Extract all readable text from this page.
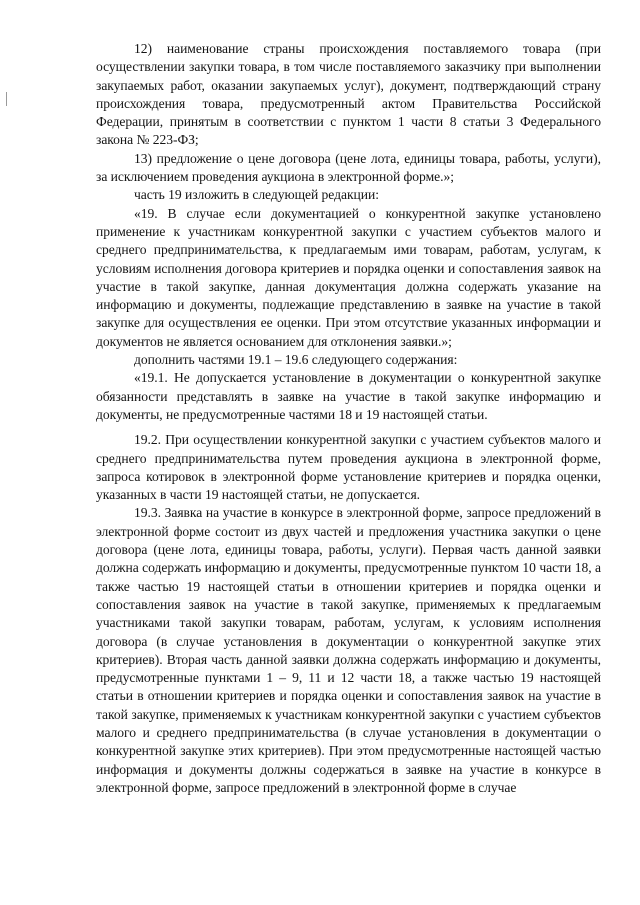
12) наименование страны происхождения поставляемого товара (при осуществлении закупки товара, в том числе поставляемого заказчику при выполнении закупаемых работ, оказании закупаемых услуг), документ, подтверждающий страну происхождения товара, предусмотренный актом Правительства Российской Федерации, принятым в соответствии с пунктом 1 части 8 статьи 3 Федерального закона № 223-ФЗ;

13) предложение о цене договора (цене лота, единицы товара, работы, услуги), за исключением проведения аукциона в электронной форме.»;

часть 19 изложить в следующей редакции:

«19. В случае если документацией о конкурентной закупке установлено применение к участникам конкурентной закупки с участием субъектов малого и среднего предпринимательства, к предлагаемым ими товарам, работам, услугам, к условиям исполнения договора критериев и порядка оценки и сопоставления заявок на участие в такой закупке, данная документация должна содержать указание на информацию и документы, подлежащие представлению в заявке на участие в такой закупке для осуществления ее оценки. При этом отсутствие указанных информации и документов не является основанием для отклонения заявки.»;

дополнить частями 19.1 – 19.6 следующего содержания:

«19.1. Не допускается установление в документации о конкурентной закупке обязанности представлять в заявке на участие в такой закупке информацию и документы, не предусмотренные частями 18 и 19 настоящей статьи.

19.2. При осуществлении конкурентной закупки с участием субъектов малого и среднего предпринимательства путем проведения аукциона в электронной форме, запроса котировок в электронной форме установление критериев и порядка оценки, указанных в части 19 настоящей статьи, не допускается.

19.3. Заявка на участие в конкурсе в электронной форме, запросе предложений в электронной форме состоит из двух частей и предложения участника закупки о цене договора (цене лота, единицы товара, работы, услуги). Первая часть данной заявки должна содержать информацию и документы, предусмотренные пунктом 10 части 18, а также частью 19 настоящей статьи в отношении критериев и порядка оценки и сопоставления заявок на участие в такой закупке, применяемых к предлагаемым участниками такой закупки товарам, работам, услугам, к условиям исполнения договора (в случае установления в документации о конкурентной закупке этих критериев). Вторая часть данной заявки должна содержать информацию и документы, предусмотренные пунктами 1 – 9, 11 и 12 части 18, а также частью 19 настоящей статьи в отношении критериев и порядка оценки и сопоставления заявок на участие в такой закупке, применяемых к участникам конкурентной закупки с участием субъектов малого и среднего предпринимательства (в случае установления в документации о конкурентной закупке этих критериев). При этом предусмотренные настоящей частью информация и документы должны содержаться в заявке на участие в конкурсе в электронной форме, запросе предложений в электронной форме в случае
